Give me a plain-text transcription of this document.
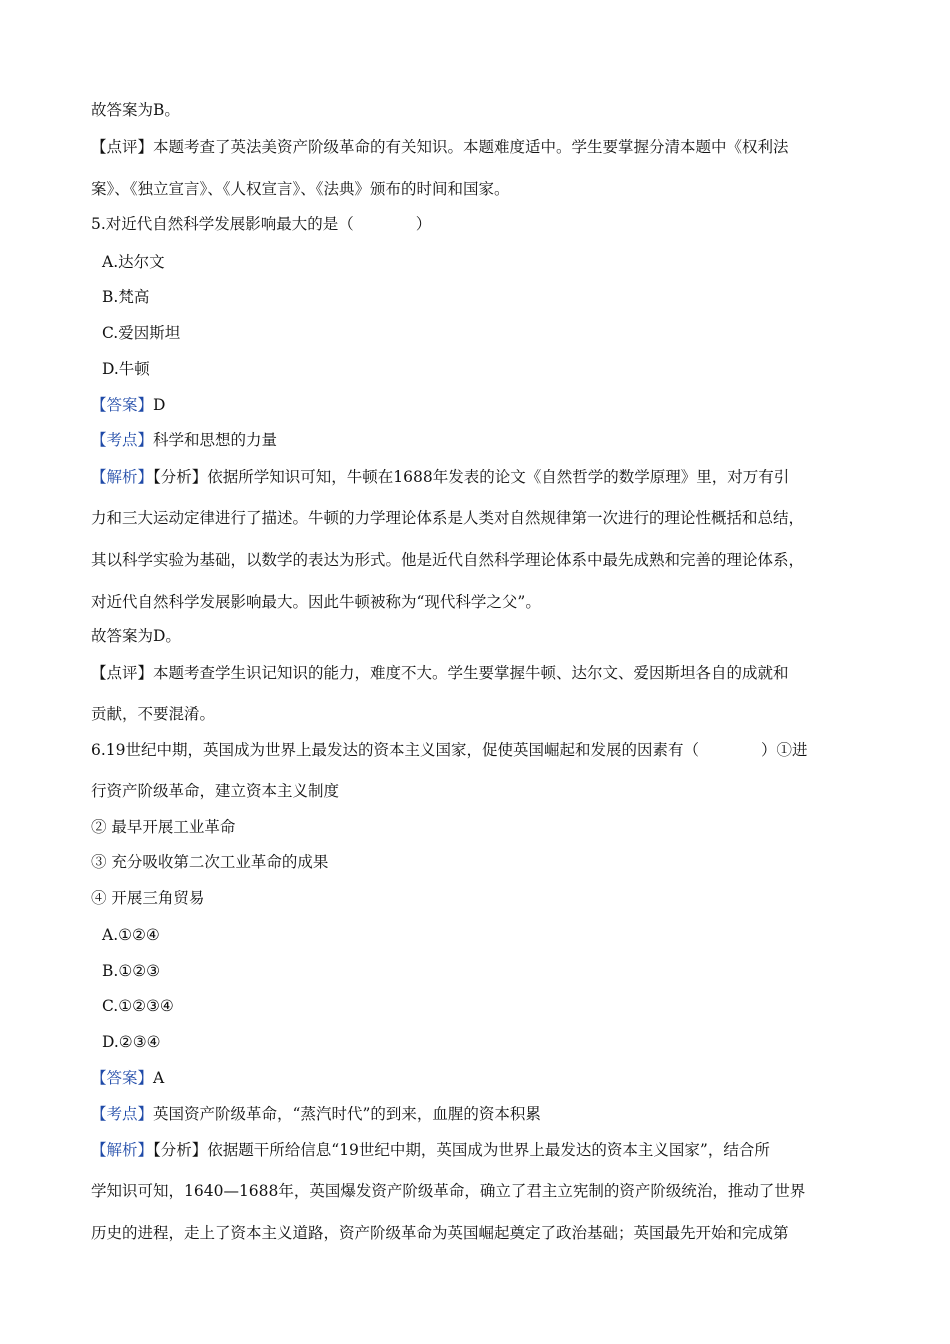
故答案为B。
【点评】本题考查了英法美资产阶级革命的有关知识。本题难度适中。学生要掌握分清本题中《权利法
案》、《独立宣言》、《人权宣言》、《法典》颁布的时间和国家。
5.对近代自然科学发展影响最大的是（　　　　）
A.达尔文
B.梵高
C.爱因斯坦
D.牛顿
【答案】D
【考点】科学和思想的力量
【解析】【分析】依据所学知识可知，牛顿在1688年发表的论文《自然哲学的数学原理》里，对万有引
力和三大运动定律进行了描述。牛顿的力学理论体系是人类对自然规律第一次进行的理论性概括和总结，
其以科学实验为基础，以数学的表达为形式。他是近代自然科学理论体系中最先成熟和完善的理论体系，
对近代自然科学发展影响最大。因此牛顿被称为“现代科学之父”。
故答案为D。
【点评】本题考查学生识记知识的能力，难度不大。学生要掌握牛顿、达尔文、爱因斯坦各自的成就和
贡献，不要混淆。
6.19世纪中期，英国成为世界上最发达的资本主义国家，促使英国崛起和发展的因素有（　　　　）①进
行资产阶级革命，建立资本主义制度
② 最早开展工业革命
③ 充分吸收第二次工业革命的成果
④ 开展三角贸易
A.①②④
B.①②③
C.①②③④
D.②③④
【答案】A
【考点】英国资产阶级革命，“蒸汽时代”的到来，血腥的资本积累
【解析】【分析】依据题干所给信息“19世纪中期，英国成为世界上最发达的资本主义国家”，结合所
学知识可知，1640—1688年，英国爆发资产阶级革命，确立了君主立宪制的资产阶级统治，推动了世界
历史的进程，走上了资本主义道路，资产阶级革命为英国崛起奠定了政治基础；英国最先开始和完成第
